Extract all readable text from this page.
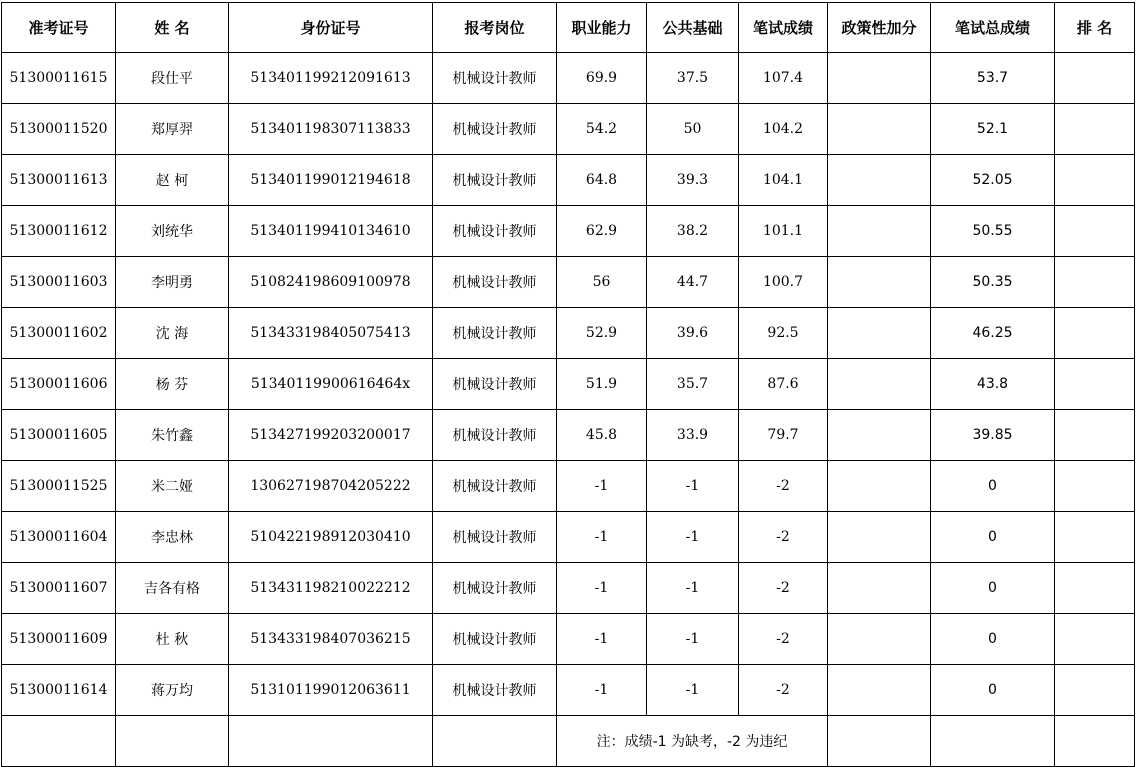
准考证号	姓 名	身份证号	报考岗位	职业能力	公共基础	笔试成绩	政策性加分	笔试总成绩	排 名
51300011615	段仕平	513401199212091613	机械设计教师	69.9	37.5	107.4		53.7	
51300011520	郑厚羿	513401198307113833	机械设计教师	54.2	50	104.2		52.1	
51300011613	赵 柯	513401199012194618	机械设计教师	64.8	39.3	104.1		52.05	
51300011612	刘统华	513401199410134610	机械设计教师	62.9	38.2	101.1		50.55	
51300011603	李明勇	510824198609100978	机械设计教师	56	44.7	100.7		50.35	
51300011602	沈 海	513433198405075413	机械设计教师	52.9	39.6	92.5		46.25	
51300011606	杨 芬	51340119900616464x	机械设计教师	51.9	35.7	87.6		43.8	
51300011605	朱竹鑫	513427199203200017	机械设计教师	45.8	33.9	79.7		39.85	
51300011525	米二娅	130627198704205222	机械设计教师	-1	-1	-2		0	
51300011604	李忠林	510422198912030410	机械设计教师	-1	-1	-2		0	
51300011607	吉各有格	513431198210022212	机械设计教师	-1	-1	-2		0	
51300011609	杜 秋	513433198407036215	机械设计教师	-1	-1	-2		0	
51300011614	蒋万均	513101199012063611	机械设计教师	-1	-1	-2		0	
				注：成绩-1 为缺考，-2 为违纪					
